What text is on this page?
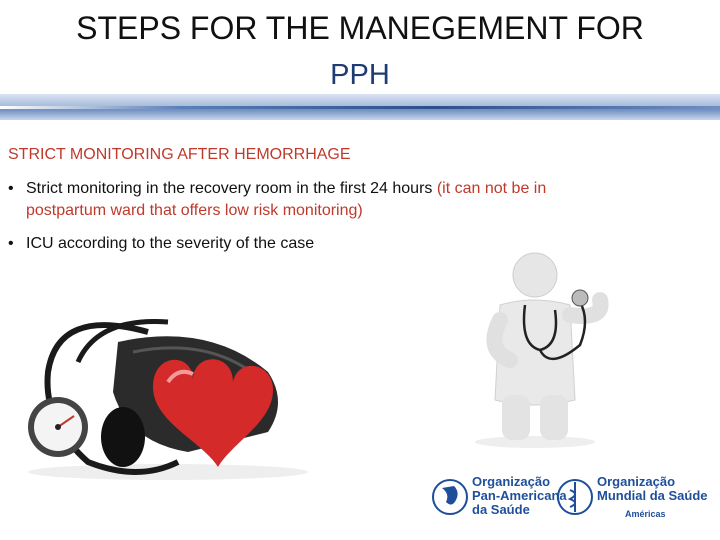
STEPS FOR THE MANEGEMENT FOR
PPH
STRICT MONITORING AFTER HEMORRHAGE
• Strict monitoring in the recovery room in the first 24 hours (it can not be in
postpartum ward that offers low risk monitoring)
• ICU according to the severity of the case
Organização
Pan-Americana
da Saúde
Organização
Mundial da Saúde
Américas
